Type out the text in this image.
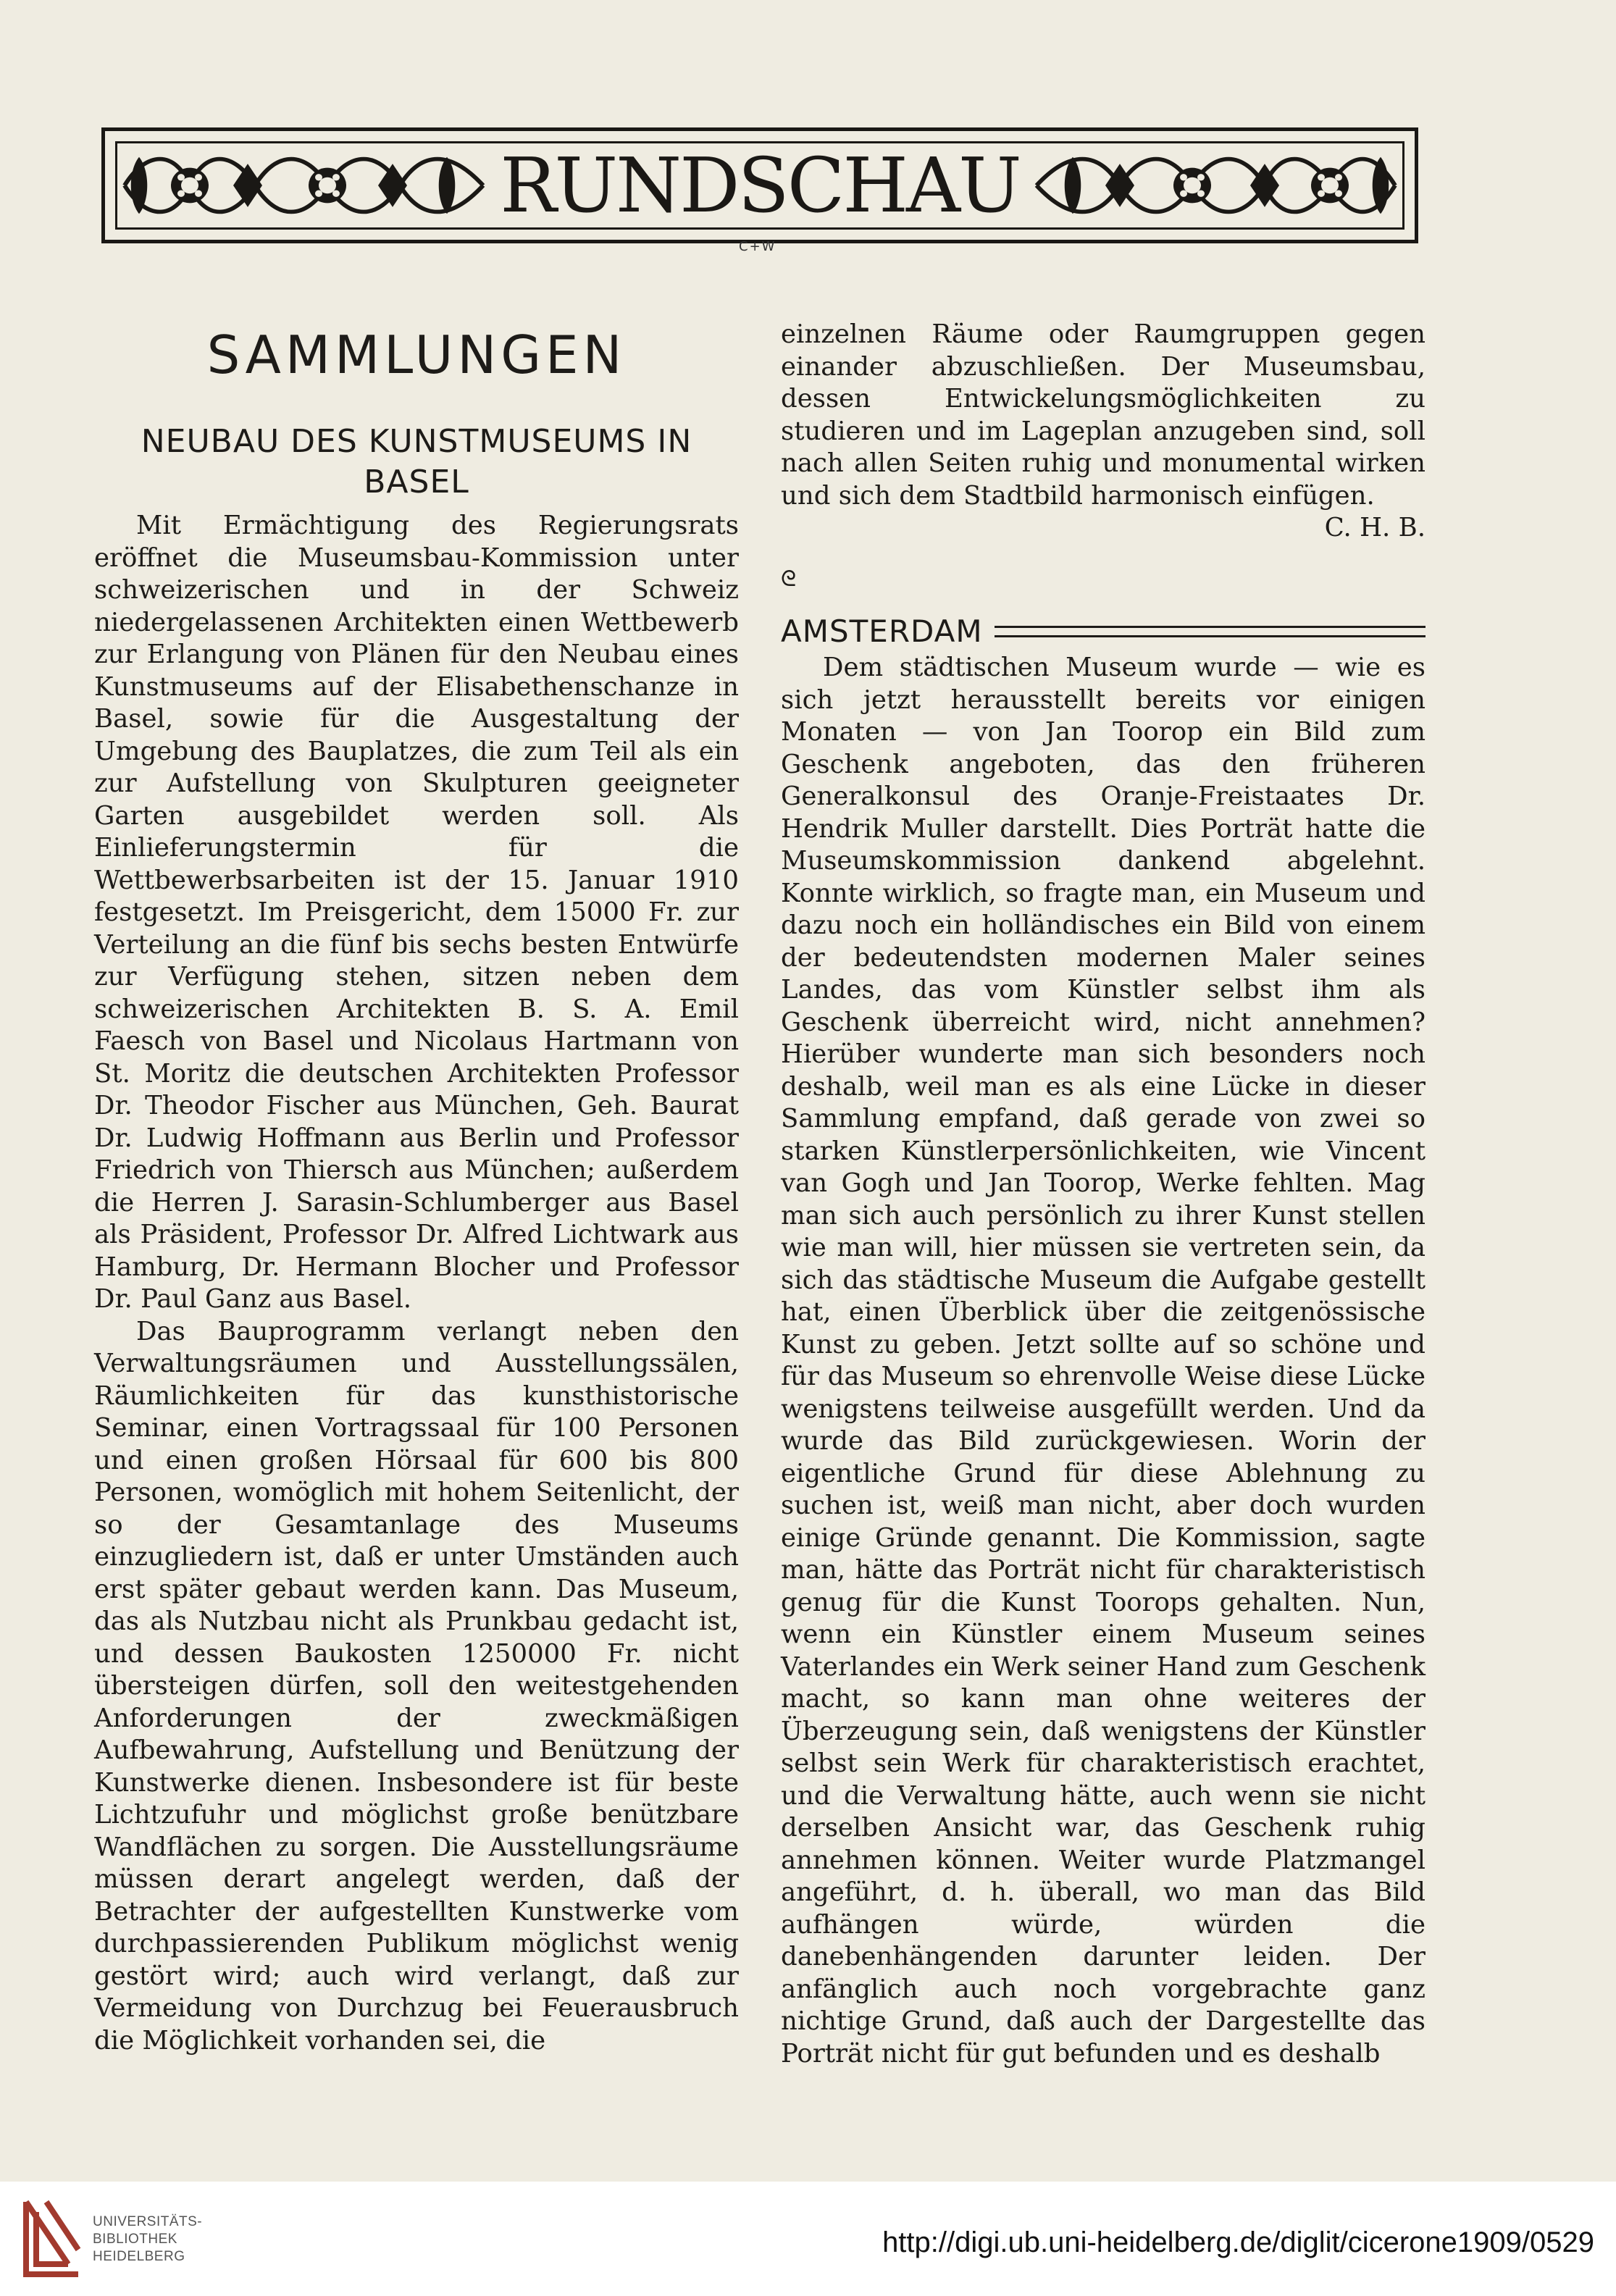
RUNDSCHAU
C+W
SAMMLUNGEN
NEUBAU DES KUNSTMUSEUMS IN BASEL

Mit Ermächtigung des Regierungsrats eröffnet die Museumsbau-Kommission unter schweizerischen und in der Schweiz niedergelassenen Architekten einen Wettbewerb zur Erlangung von Plänen für den Neubau eines Kunstmuseums auf der Elisabethenschanze in Basel, sowie für die Ausgestaltung der Umgebung des Bauplatzes, die zum Teil als ein zur Aufstellung von Skulpturen geeigneter Garten ausgebildet werden soll. Als Einlieferungstermin für die Wettbewerbsarbeiten ist der 15. Januar 1910 festgesetzt. Im Preisgericht, dem 15000 Fr. zur Verteilung an die fünf bis sechs besten Entwürfe zur Verfügung stehen, sitzen neben dem schweizerischen Architekten B. S. A. Emil Faesch von Basel und Nicolaus Hartmann von St. Moritz die deutschen Architekten Professor Dr. Theodor Fischer aus München, Geh. Baurat Dr. Ludwig Hoffmann aus Berlin und Professor Friedrich von Thiersch aus München; außerdem die Herren J. Sarasin-Schlumberger aus Basel als Präsident, Professor Dr. Alfred Lichtwark aus Hamburg, Dr. Hermann Blocher und Professor Dr. Paul Ganz aus Basel.

Das Bauprogramm verlangt neben den Verwaltungsräumen und Ausstellungssälen, Räumlichkeiten für das kunsthistorische Seminar, einen Vortragssaal für 100 Personen und einen großen Hörsaal für 600 bis 800 Personen, womöglich mit hohem Seitenlicht, der so der Gesamtanlage des Museums einzugliedern ist, daß er unter Umständen auch erst später gebaut werden kann. Das Museum, das als Nutzbau nicht als Prunkbau gedacht ist, und dessen Baukosten 1250000 Fr. nicht übersteigen dürfen, soll den weitestgehenden Anforderungen der zweckmäßigen Aufbewahrung, Aufstellung und Benützung der Kunstwerke dienen. Insbesondere ist für beste Lichtzufuhr und möglichst große benützbare Wandflächen zu sorgen. Die Ausstellungsräume müssen derart angelegt werden, daß der Betrachter der aufgestellten Kunstwerke vom durchpassierenden Publikum möglichst wenig gestört wird; auch wird verlangt, daß zur Vermeidung von Durchzug bei Feuerausbruch die Möglichkeit vorhanden sei, die

einzelnen Räume oder Raumgruppen gegen einander abzuschließen. Der Museumsbau, dessen Entwickelungsmöglichkeiten zu studieren und im Lageplan anzugeben sind, soll nach allen Seiten ruhig und monumental wirken und sich dem Stadtbild harmonisch einfügen.

C. H. B.

ᘓ

AMSTERDAM

Dem städtischen Museum wurde — wie es sich jetzt herausstellt bereits vor einigen Monaten — von Jan Toorop ein Bild zum Geschenk angeboten, das den früheren Generalkonsul des Oranje-Freistaates Dr. Hendrik Muller darstellt. Dies Porträt hatte die Museumskommission dankend abgelehnt. Konnte wirklich, so fragte man, ein Museum und dazu noch ein holländisches ein Bild von einem der bedeutendsten modernen Maler seines Landes, das vom Künstler selbst ihm als Geschenk überreicht wird, nicht annehmen? Hierüber wunderte man sich besonders noch deshalb, weil man es als eine Lücke in dieser Sammlung empfand, daß gerade von zwei so starken Künstlerpersönlichkeiten, wie Vincent van Gogh und Jan Toorop, Werke fehlten. Mag man sich auch persönlich zu ihrer Kunst stellen wie man will, hier müssen sie vertreten sein, da sich das städtische Museum die Aufgabe gestellt hat, einen Überblick über die zeitgenössische Kunst zu geben. Jetzt sollte auf so schöne und für das Museum so ehrenvolle Weise diese Lücke wenigstens teilweise ausgefüllt werden. Und da wurde das Bild zurückgewiesen. Worin der eigentliche Grund für diese Ablehnung zu suchen ist, weiß man nicht, aber doch wurden einige Gründe genannt. Die Kommission, sagte man, hätte das Porträt nicht für charakteristisch genug für die Kunst Toorops gehalten. Nun, wenn ein Künstler einem Museum seines Vaterlandes ein Werk seiner Hand zum Geschenk macht, so kann man ohne weiteres der Überzeugung sein, daß wenigstens der Künstler selbst sein Werk für charakteristisch erachtet, und die Verwaltung hätte, auch wenn sie nicht derselben Ansicht war, das Geschenk ruhig annehmen können. Weiter wurde Platzmangel angeführt, d. h. überall, wo man das Bild aufhängen würde, würden die danebenhängenden darunter leiden. Der anfänglich auch noch vorgebrachte ganz nichtige Grund, daß auch der Dargestellte das Porträt nicht für gut befunden und es deshalb

UNIVERSITÄTS-
BIBLIOTHEK
HEIDELBERG	http://digi.ub.uni-heidelberg.de/diglit/cicerone1909/0529
